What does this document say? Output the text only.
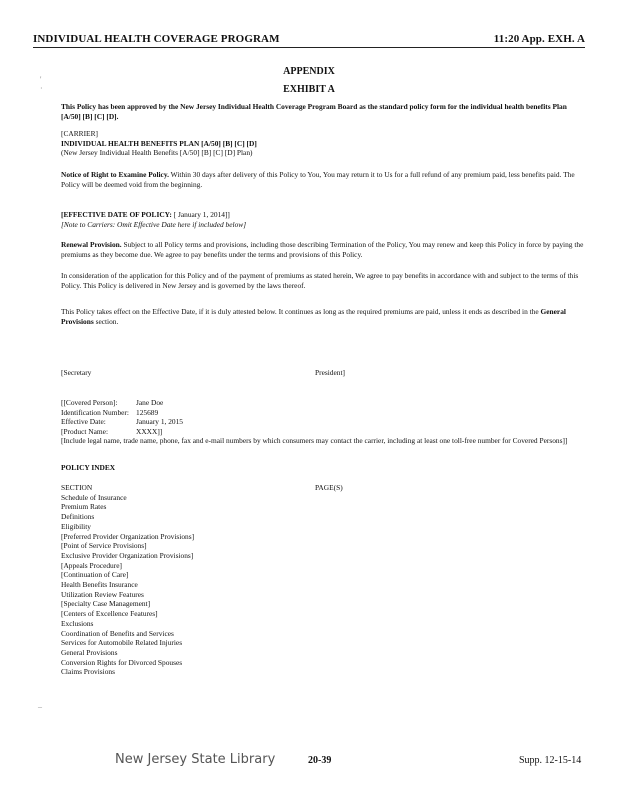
INDIVIDUAL HEALTH COVERAGE PROGRAM	11:20 App. EXH. A
'
·
APPENDIX
EXHIBIT A
This Policy has been approved by the New Jersey Individual Health Coverage Program Board as the standard policy form for the individual health benefits Plan [A/50] [B] [C] [D].
[CARRIER]
INDIVIDUAL HEALTH BENEFITS PLAN [A/50] [B] [C] [D]
(New Jersey Individual Health Benefits [A/50] [B] [C] [D] Plan)
Notice of Right to Examine Policy. Within 30 days after delivery of this Policy to You, You may return it to Us for a full refund of any premium paid, less benefits paid. The Policy will be deemed void from the beginning.
[EFFECTIVE DATE OF POLICY: [ January 1, 2014]]
[Note to Carriers: Omit Effective Date here if included below]
Renewal Provision. Subject to all Policy terms and provisions, including those describing Termination of the Policy, You may renew and keep this Policy in force by paying the premiums as they become due. We agree to pay benefits under the terms and provisions of this Policy.
In consideration of the application for this Policy and of the payment of premiums as stated herein, We agree to pay benefits in accordance with and subject to the terms of this Policy. This Policy is delivered in New Jersey and is governed by the laws thereof.
This Policy takes effect on the Effective Date, if it is duly attested below. It continues as long as the required premiums are paid, unless it ends as described in the General Provisions section.
[Secretary	President]
[[Covered Person]:	Jane Doe
Identification Number: 125689
Effective Date:	January 1, 2015
[Product Name:	XXXX]]
[Include legal name, trade name, phone, fax and e-mail numbers by which consumers may contact the carrier, including at least one toll-free number for Covered Persons]]
POLICY INDEX
SECTION	PAGE(S)
Schedule of Insurance
Premium Rates
Definitions
Eligibility
[Preferred Provider Organization Provisions]
[Point of Service Provisions]
Exclusive Provider Organization Provisions]
[Appeals Procedure]
[Continuation of Care]
Health Benefits Insurance
Utilization Review Features
[Specialty Case Management]
[Centers of Excellence Features]
Exclusions
Coordination of Benefits and Services
Services for Automobile Related Injuries
General Provisions
Conversion Rights for Divorced Spouses
Claims Provisions
–
New Jersey State Library	20-39	Supp. 12-15-14
